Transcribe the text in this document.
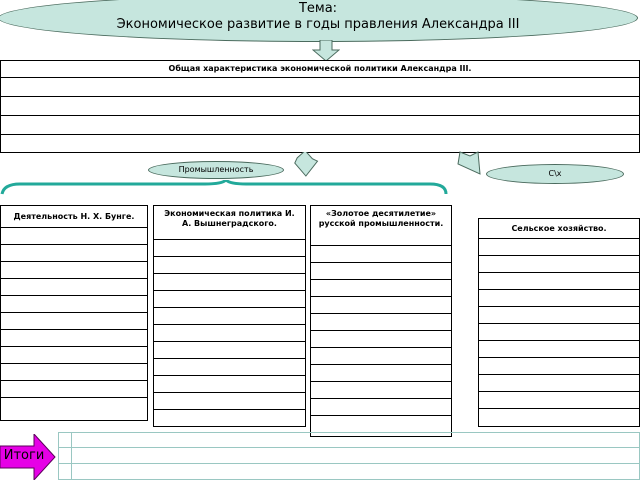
Тема:
Экономическое развитие в годы правления Александра III
Общая характеристика экономической политики Александра III.
Промышленность	С\х
Деятельность Н. Х. Бунге.	Экономическая политика И. А. Вышнеградского.
«Золотое десятилетие» русской промышленности.
Сельское хозяйство.
Итоги
